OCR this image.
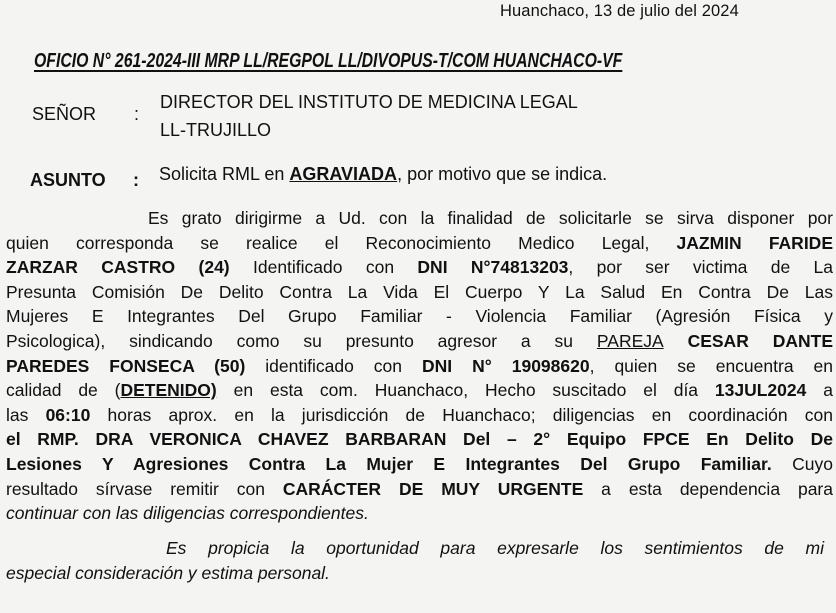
Huanchaco, 13 de julio del 2024
OFICIO N° 261-2024-III MRP LL/REGPOL LL/DIVOPUS-T/COM HUANCHACO-VF
SEÑOR :
DIRECTOR DEL INSTITUTO DE MEDICINA LEGAL
LL-TRUJILLO
ASUNTO : Solicita RML en AGRAVIADA, por motivo que se indica.
Es grato dirigirme a Ud. con la finalidad de solicitarle se sirva disponer por
quien corresponda se realice el Reconocimiento Medico Legal, JAZMIN FARIDE
ZARZAR CASTRO (24) Identificado con DNI N°74813203, por ser victima de La
Presunta Comisión De Delito Contra La Vida El Cuerpo Y La Salud En Contra De Las
Mujeres E Integrantes Del Grupo Familiar - Violencia Familiar (Agresión Física y
Psicologica), sindicando como su presunto agresor a su PAREJA CESAR DANTE
PAREDES FONSECA (50) identificado con DNI N° 19098620, quien se encuentra en
calidad de (DETENIDO) en esta com. Huanchaco, Hecho suscitado el día 13JUL2024 a
las 06:10 horas aprox. en la jurisdicción de Huanchaco; diligencias en coordinación con
el RMP. DRA VERONICA CHAVEZ BARBARAN Del – 2° Equipo FPCE En Delito De
Lesiones Y Agresiones Contra La Mujer E Integrantes Del Grupo Familiar. Cuyo
resultado sírvase remitir con CARÁCTER DE MUY URGENTE a esta dependencia para
continuar con las diligencias correspondientes.
Es propicia la oportunidad para expresarle los sentimientos de mi
especial consideración y estima personal.
